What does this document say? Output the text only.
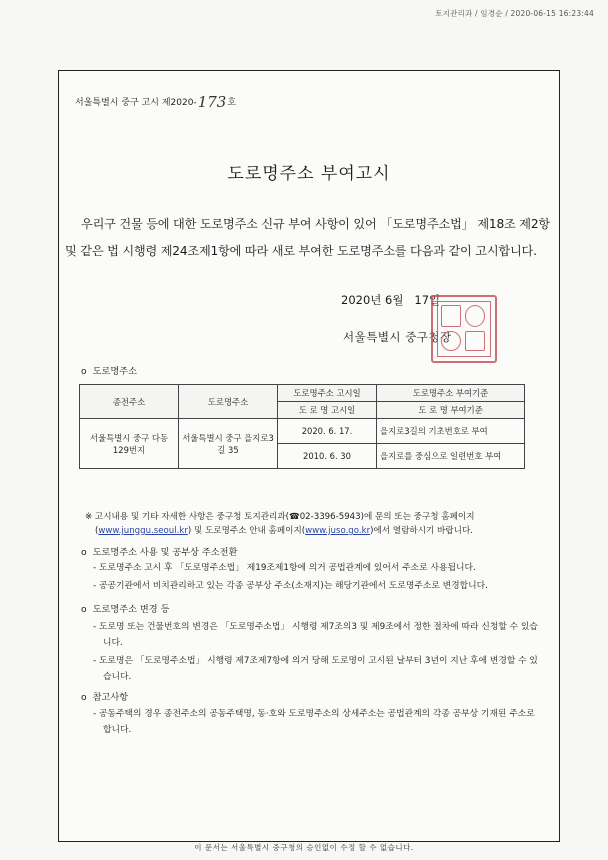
토지관리과 / 임경순 / 2020-06-15 16:23:44
서울특별시 중구 고시 제2020-173호
도로명주소 부여고시
우리구 건물 등에 대한 도로명주소 신규 부여 사항이 있어 「도로명주소법」 제18조 제2항 및 같은 법 시행령 제24조제1항에 따라 새로 부여한 도로명주소를 다음과 같이 고시합니다.
2020년 6월   17일
서울특별시 중구청장
o 도로명주소
종전주소	도로명주소	도로명주소 고시일	도로명주소 부여기준
		도 로 명 고시일	도 로 명 부여기준
서울특별시 중구 다동 129번지	서울특별시 중구 을지로3길 35	2020. 6. 17.	을지로3길의 기초번호로 부여
		2010. 6. 30	을지로를 중심으로 일련번호 부여
※ 고시내용 및 기타 자세한 사항은 중구청 토지관리과(☎02-3396-5943)에 문의 또는 중구청 홈페이지
(www.junggu.seoul.kr) 및 도로명주소 안내 홈페이지(www.juso.go.kr)에서 열람하시기 바랍니다.
o 도로명주소 사용 및 공부상 주소전환
- 도로명주소 고시 후 「도로명주소법」 제19조제1항에 의거 공법관계에 있어서 주소로 사용됩니다.
- 공공기관에서 비치관리하고 있는 각종 공부상 주소(소재지)는 해당기관에서 도로명주소로 변경합니다.
o 도로명주소 변경 등
- 도로명 또는 건물번호의 변경은 「도로명주소법」 시행령 제7조의3 및 제9조에서 정한 절차에 따라 신청할 수 있습니다.
- 도로명은 「도로명주소법」 시행령 제7조제7항에 의거 당해 도로명이 고시된 날부터 3년이 지난 후에 변경할 수 있습니다.
o 참고사항
- 공동주택의 경우 종전주소의 공동주택명, 동·호와 도로명주소의 상세주소는 공법관계의 각종 공부상 기재된 주소로 합니다.
이 문서는 서울특별시 중구청의 승인없이 수정 할 수 없습니다.
